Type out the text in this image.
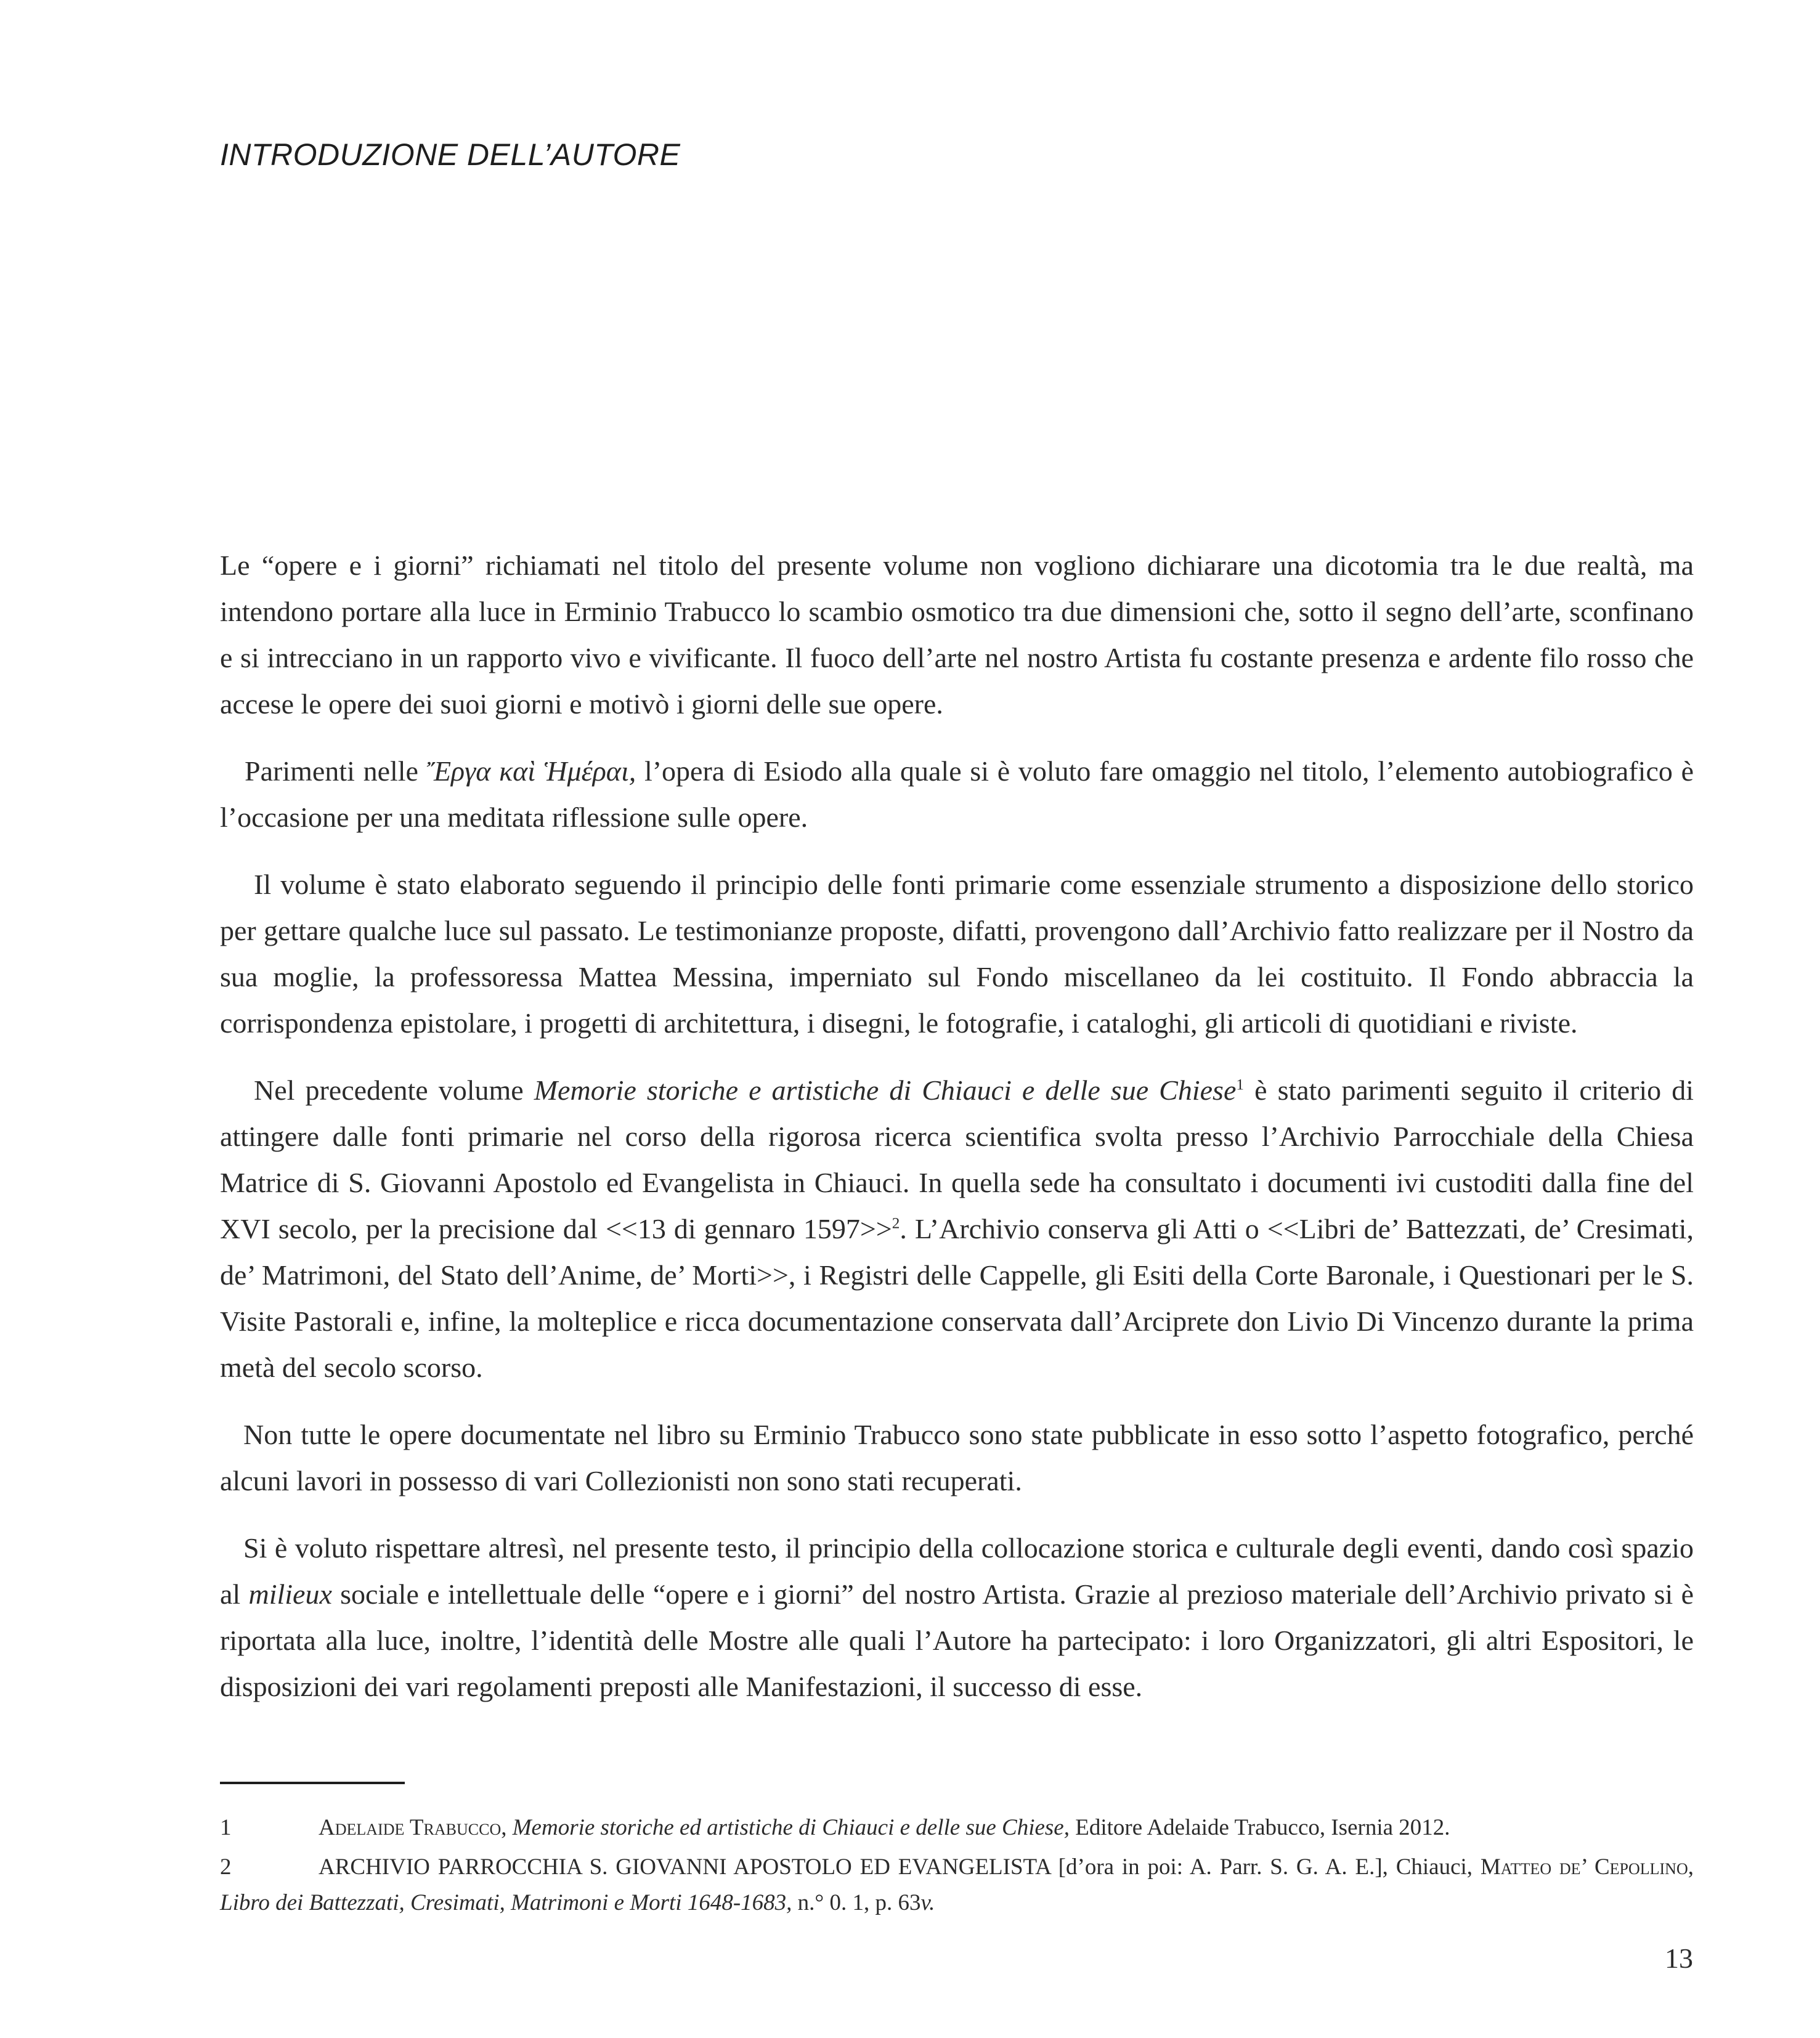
INTRODUZIONE DELL’AUTORE

Le “opere e i giorni” richiamati nel titolo del presente volume non vogliono dichiarare una dicotomia tra le due realtà, ma intendono portare alla luce in Erminio Trabucco lo scambio osmotico tra due dimensioni che, sotto il segno dell’arte, sconfinano e si intrecciano in un rapporto vivo e vivificante. Il fuoco dell’arte nel nostro Artista fu costante presenza e ardente filo rosso che accese le opere dei suoi giorni e motivò i giorni delle sue opere.

Parimenti nelle Ἔργα καὶ Ἡμέραι, l’opera di Esiodo alla quale si è voluto fare omaggio nel titolo, l’elemento autobiografico è l’occasione per una meditata riflessione sulle opere.

Il volume è stato elaborato seguendo il principio delle fonti primarie come essenziale strumento a disposizione dello storico per gettare qualche luce sul passato. Le testimonianze proposte, difatti, provengono dall’Archivio fatto realizzare per il Nostro da sua moglie, la professoressa Mattea Messina, imperniato sul Fondo miscellaneo da lei costituito. Il Fondo abbraccia la corrispondenza epistolare, i progetti di architettura, i disegni, le fotografie, i cataloghi, gli articoli di quotidiani e riviste.

Nel precedente volume Memorie storiche e artistiche di Chiauci e delle sue Chiese$^1$ è stato parimenti seguito il criterio di attingere dalle fonti primarie nel corso della rigorosa ricerca scientifica svolta presso l’Archivio Parrocchiale della Chiesa Matrice di S. Giovanni Apostolo ed Evangelista in Chiauci. In quella sede ha consultato i documenti ivi custoditi dalla fine del XVI secolo, per la precisione dal <<13 di gennaro 1597>>$^2$. L’Archivio conserva gli Atti o <<Libri de’ Battezzati, de’ Cresimati, de’ Matrimoni, del Stato dell’Anime, de’ Morti>>, i Registri delle Cappelle, gli Esiti della Corte Baronale, i Questionari per le S. Visite Pastorali e, infine, la molteplice e ricca documentazione conservata dall’Arciprete don Livio Di Vincenzo durante la prima metà del secolo scorso.

Non tutte le opere documentate nel libro su Erminio Trabucco sono state pubblicate in esso sotto l’aspetto fotografico, perché alcuni lavori in possesso di vari Collezionisti non sono stati recuperati.

Si è voluto rispettare altresì, nel presente testo, il principio della collocazione storica e culturale degli eventi, dando così spazio al milieux sociale e intellettuale delle “opere e i giorni” del nostro Artista. Grazie al prezioso materiale dell’Archivio privato si è riportata alla luce, inoltre, l’identità delle Mostre alle quali l’Autore ha partecipato: i loro Organizzatori, gli altri Espositori, le disposizioni dei vari regolamenti preposti alle Manifestazioni, il successo di esse.

1	Adelaide Trabucco, Memorie storiche ed artistiche di Chiauci e delle sue Chiese, Editore Adelaide Trabucco, Isernia 2012.
2	ARCHIVIO PARROCCHIA S. GIOVANNI APOSTOLO ED EVANGELISTA [d’ora in poi: A. Parr. S. G. A. E.], Chiauci, Matteo de’ Cepollino, Libro dei Battezzati, Cresimati, Matrimoni e Morti 1648-1683, n.° 0. 1, p. 63v.
13
